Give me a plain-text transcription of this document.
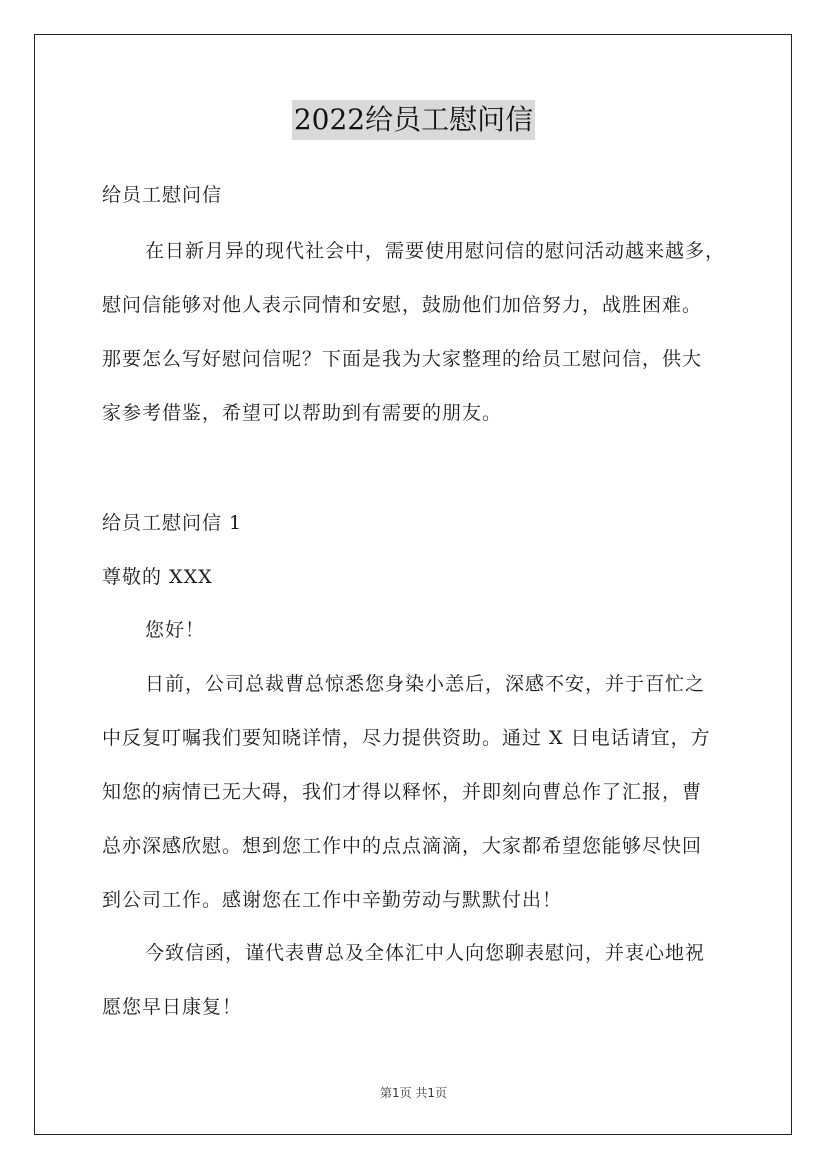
2022给员工慰问信
给员工慰问信
在日新月异的现代社会中，需要使用慰问信的慰问活动越来越多，
慰问信能够对他人表示同情和安慰，鼓励他们加倍努力，战胜困难。
那要怎么写好慰问信呢？下面是我为大家整理的给员工慰问信，供大
家参考借鉴，希望可以帮助到有需要的朋友。
给员工慰问信 1
尊敬的 XXX
您好！
日前，公司总裁曹总惊悉您身染小恙后，深感不安，并于百忙之
中反复叮嘱我们要知晓详情，尽力提供资助。通过 X 日电话请宜，方
知您的病情已无大碍，我们才得以释怀，并即刻向曹总作了汇报，曹
总亦深感欣慰。想到您工作中的点点滴滴，大家都希望您能够尽快回
到公司工作。感谢您在工作中辛勤劳动与默默付出！
今致信函，谨代表曹总及全体汇中人向您聊表慰问，并衷心地祝
愿您早日康复！
第1页 共1页
